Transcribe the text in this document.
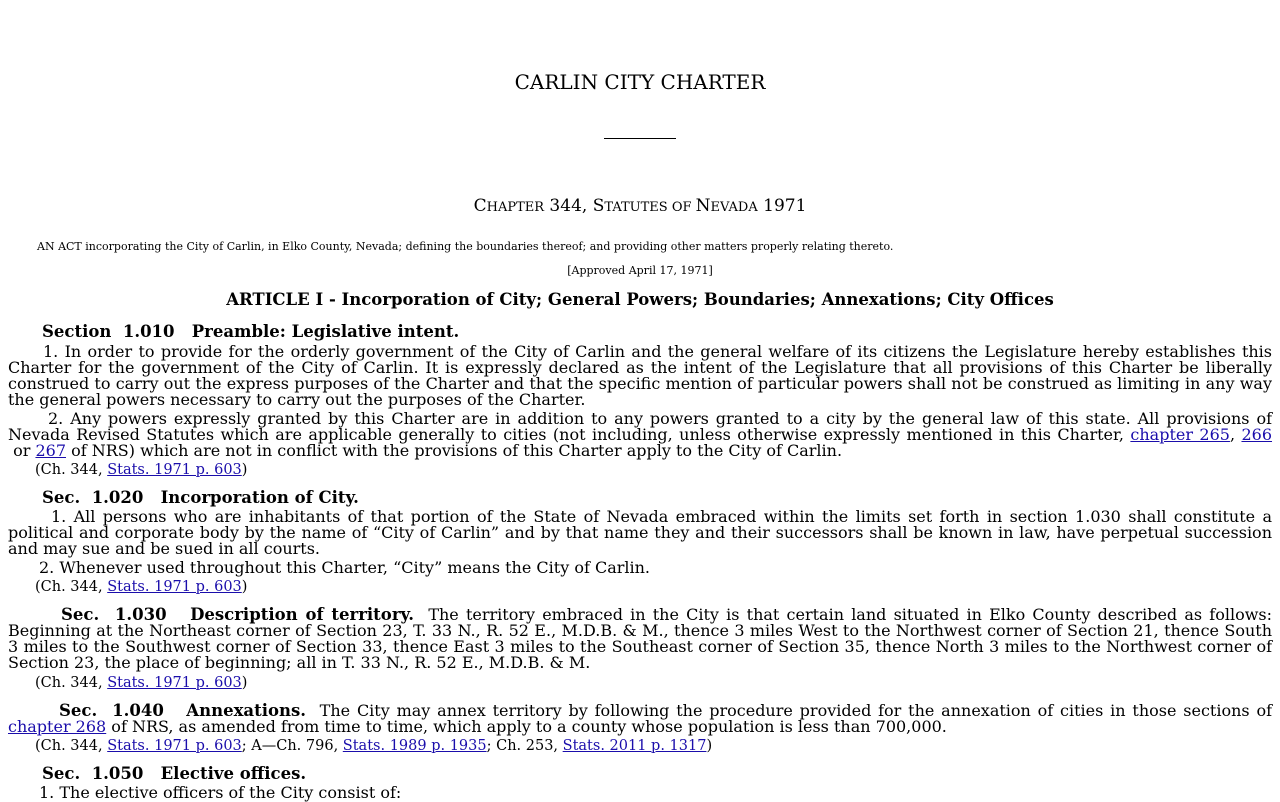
CARLIN CITY CHARTER
CHAPTER 344, STATUTES OF NEVADA 1971
AN ACT incorporating the City of Carlin, in Elko County, Nevada; defining the boundaries thereof; and providing other matters properly relating thereto.
[Approved April 17, 1971]
ARTICLE I - Incorporation of City; General Powers; Boundaries; Annexations; City Offices
Section  1.010   Preamble: Legislative intent.
1. In order to provide for the orderly government of the City of Carlin and the general welfare of its citizens the Legislature hereby establishes this Charter for the government of the City of Carlin. It is expressly declared as the intent of the Legislature that all provisions of this Charter be liberally construed to carry out the express purposes of the Charter and that the specific mention of particular powers shall not be construed as limiting in any way the general powers necessary to carry out the purposes of the Charter.
2. Any powers expressly granted by this Charter are in addition to any powers granted to a city by the general law of this state. All provisions of Nevada Revised Statutes which are applicable generally to cities (not including, unless otherwise expressly mentioned in this Charter, chapter 265, 266 or 267 of NRS) which are not in conflict with the provisions of this Charter apply to the City of Carlin.
(Ch. 344, Stats. 1971 p. 603)
Sec.  1.020   Incorporation of City.
1. All persons who are inhabitants of that portion of the State of Nevada embraced within the limits set forth in section 1.030 shall constitute a political and corporate body by the name of “City of Carlin” and by that name they and their successors shall be known in law, have perpetual succession and may sue and be sued in all courts.
2. Whenever used throughout this Charter, “City” means the City of Carlin.
(Ch. 344, Stats. 1971 p. 603)
Sec.  1.030   Description of territory.  The territory embraced in the City is that certain land situated in Elko County described as follows: Beginning at the Northeast corner of Section 23, T. 33 N., R. 52 E., M.D.B. & M., thence 3 miles West to the Northwest corner of Section 21, thence South 3 miles to the Southwest corner of Section 33, thence East 3 miles to the Southeast corner of Section 35, thence North 3 miles to the Northwest corner of Section 23, the place of beginning; all in T. 33 N., R. 52 E., M.D.B. & M.
(Ch. 344, Stats. 1971 p. 603)
Sec.  1.040   Annexations.  The City may annex territory by following the procedure provided for the annexation of cities in those sections of chapter 268 of NRS, as amended from time to time, which apply to a county whose population is less than 700,000.
(Ch. 344, Stats. 1971 p. 603; A—Ch. 796, Stats. 1989 p. 1935; Ch. 253, Stats. 2011 p. 1317)
Sec.  1.050   Elective offices.
1. The elective officers of the City consist of:
